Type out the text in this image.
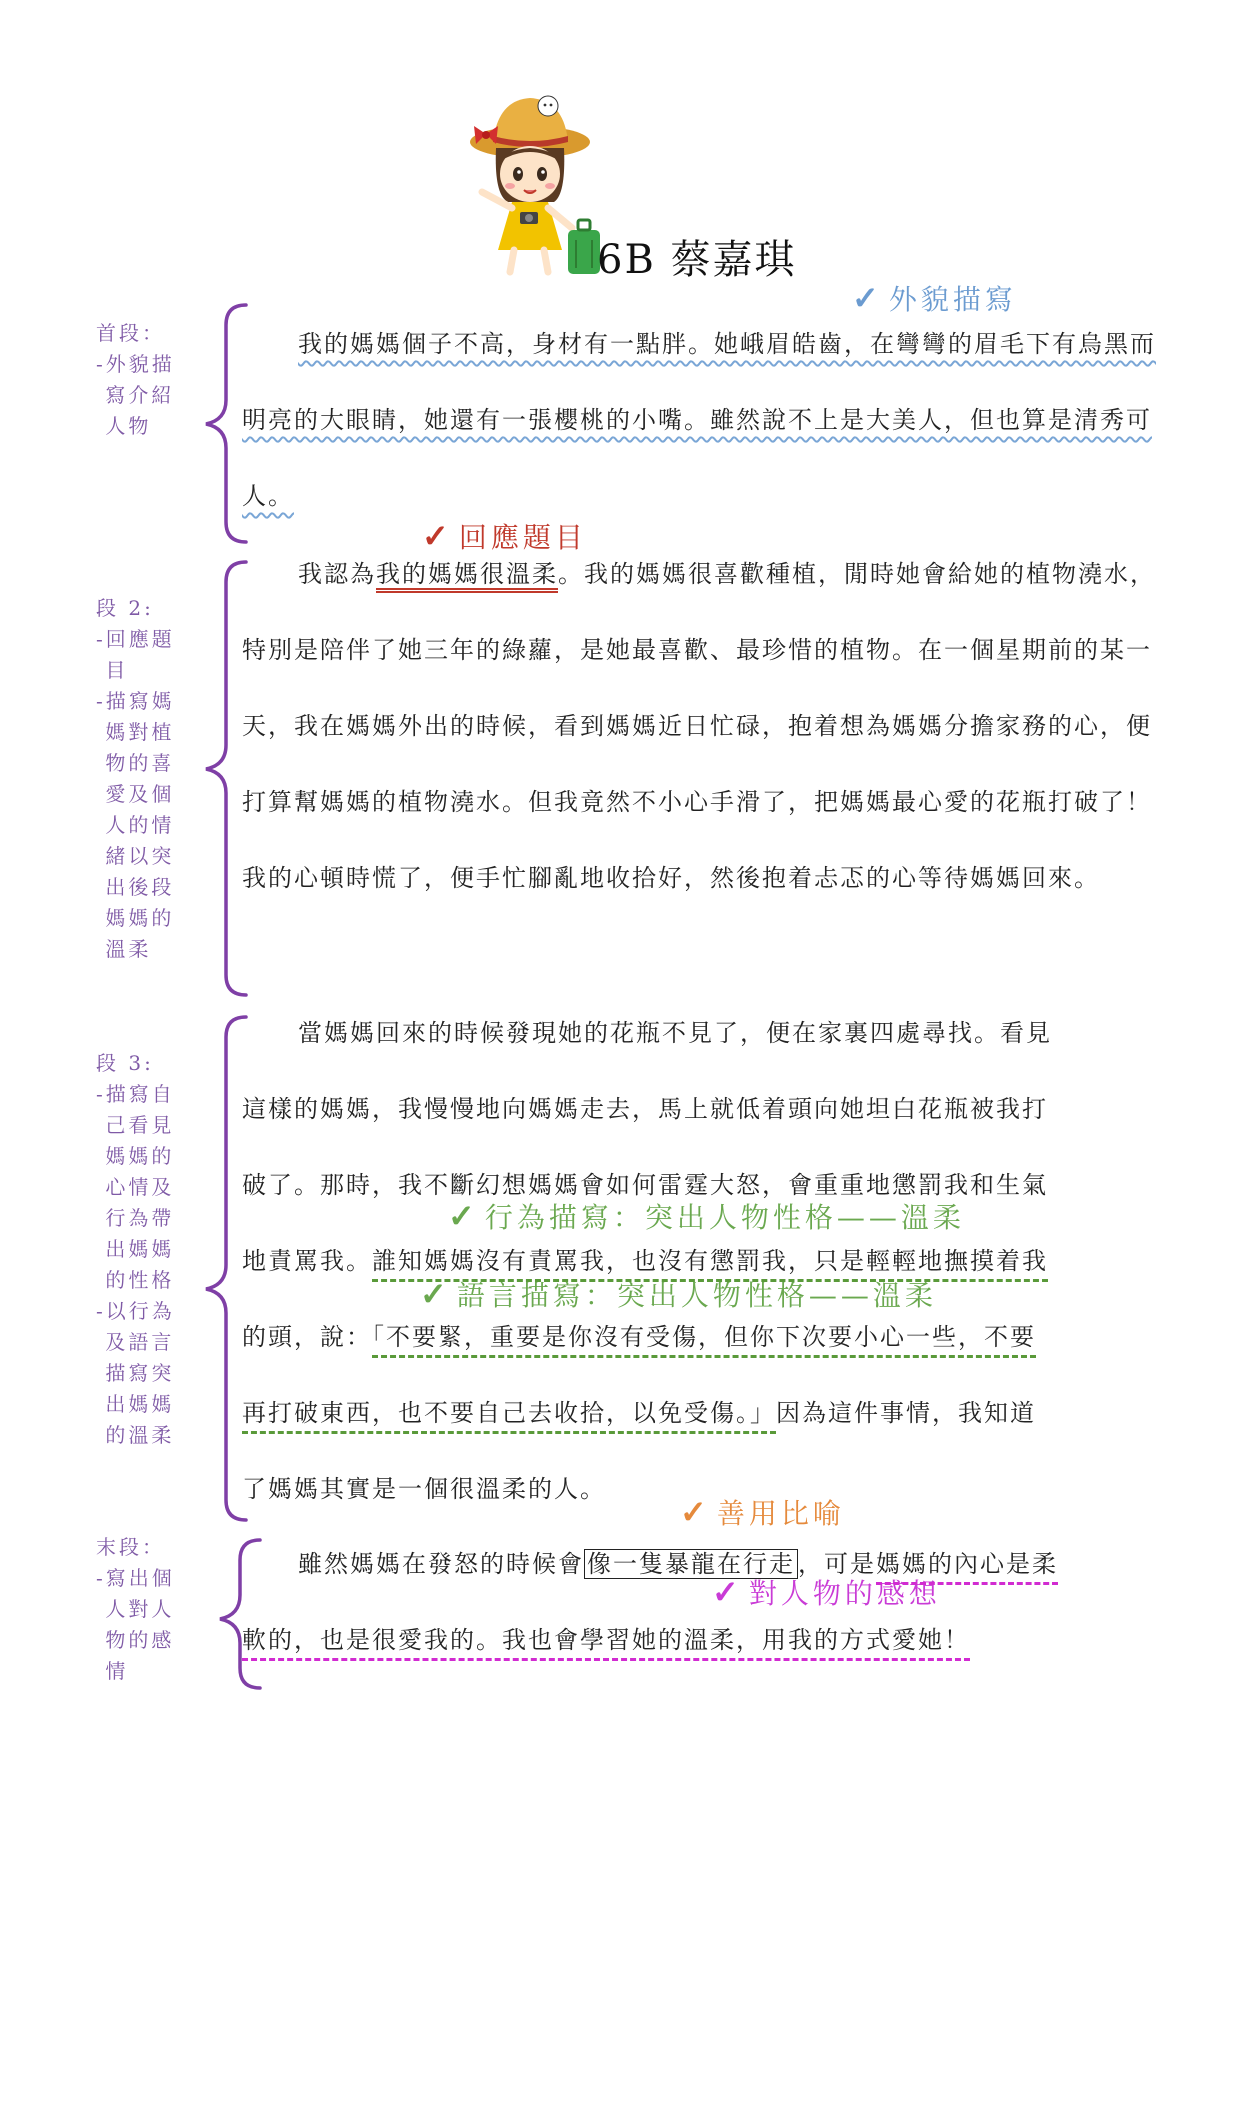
6B 蔡嘉琪
首段：
-外貌描
寫介紹
人物
段 2:
-回應題
目
-描寫媽
媽對植
物的喜
愛及個
人的情
緒以突
出後段
媽媽的
溫柔
段 3:
-描寫自
己看見
媽媽的
心情及
行為帶
出媽媽
的性格
-以行為
及語言
描寫突
出媽媽
的溫柔
末段：
-寫出個
人對人
物的感
情
✓ 外貌描寫
✓ 回應題目
✓ 行為描寫：突出人物性格——溫柔
✓ 語言描寫：突出人物性格——溫柔
✓ 善用比喻
✓ 對人物的感想
我的媽媽個子不高，身材有一點胖。她峨眉皓齒，在彎彎的眉毛下有烏黑而明亮的大眼睛，她還有一張櫻桃的小嘴。雖然說不上是大美人，但也算是清秀可人。
我認為我的媽媽很溫柔。我的媽媽很喜歡種植，閒時她會給她的植物澆水，特別是陪伴了她三年的綠蘿，是她最喜歡、最珍惜的植物。在一個星期前的某一天，我在媽媽外出的時候，看到媽媽近日忙碌，抱着想為媽媽分擔家務的心，便打算幫媽媽的植物澆水。但我竟然不小心手滑了，把媽媽最心愛的花瓶打破了！我的心頓時慌了，便手忙腳亂地收拾好，然後抱着忐忑的心等待媽媽回來。
當媽媽回來的時候發現她的花瓶不見了，便在家裏四處尋找。看見
這樣的媽媽，我慢慢地向媽媽走去，馬上就低着頭向她坦白花瓶被我打
破了。那時，我不斷幻想媽媽會如何雷霆大怒，會重重地懲罰我和生氣
地責罵我。誰知媽媽沒有責罵我，也沒有懲罰我，只是輕輕地撫摸着我
的頭，說：「不要緊，重要是你沒有受傷，但你下次要小心一些，不要
再打破東西，也不要自己去收拾，以免受傷。」因為這件事情，我知道
了媽媽其實是一個很溫柔的人。
雖然媽媽在發怒的時候會 像一隻暴龍在行走 ，可是媽媽的內心是柔
軟的，也是很愛我的。我也會學習她的溫柔，用我的方式愛她！
